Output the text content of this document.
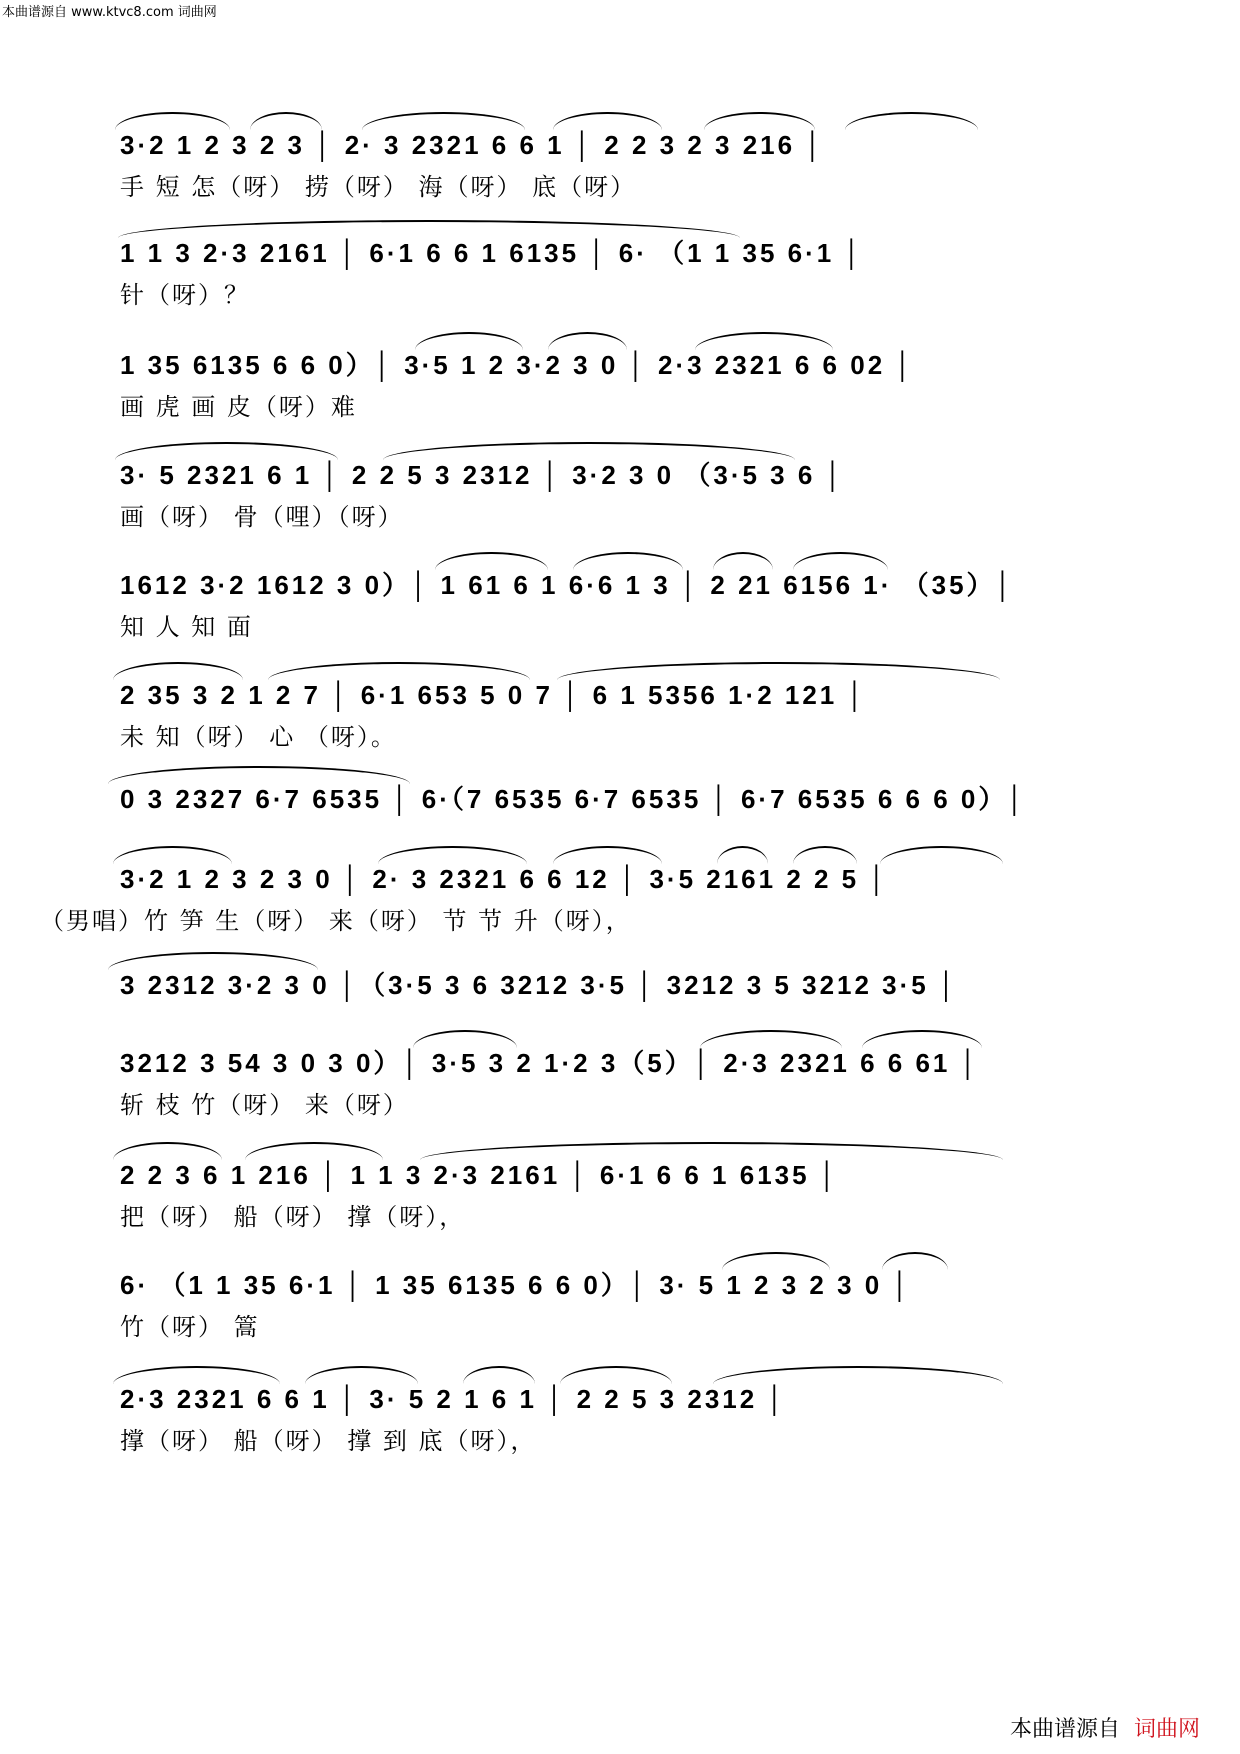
本曲谱源自 www.ktvc8.com 词曲网
3·2 1 2 3 2 3 │ 2· 3 2321 6 6 1 │ 2 2 3 2 3 216 │
手 短 怎（呀） 捞（呀） 海（呀） 底（呀）
1 1 3 2·3 2161 │ 6·1 6 6 1 6135 │ 6· （1 1 35 6·1 │
针（呀）？
1 35 6135 6 6 0）│ 3·5 1 2 3·2 3 0 │ 2·3 2321 6 6 02 │
画 虎 画 皮（呀）难
3· 5 2321 6 1 │ 2 2 5 3 2312 │ 3·2 3 0 （3·5 3 6 │
画（呀） 骨（哩）（呀）
1612 3·2 1612 3 0）│ 1 61 6 1 6·6 1 3 │ 2 21 6156 1· （35）│
知 人 知 面
2 35 3 2 1 2 7 │ 6·1 653 5 0 7 │ 6 1 5356 1·2 121 │
未 知（呀） 心 （呀）。
0 3 2327 6·7 6535 │ 6·（7 6535 6·7 6535 │ 6·7 6535 6 6 6 0）│
3·2 1 2 3 2 3 0 │ 2· 3 2321 6 6 12 │ 3·5 2161 2 2 5 │
（男唱）竹 笋 生（呀） 来（呀） 节 节 升（呀），
3 2312 3·2 3 0 │（3·5 3 6 3212 3·5 │ 3212 3 5 3212 3·5 │
3212 3 54 3 0 3 0）│ 3·5 3 2 1·2 3（5）│ 2·3 2321 6 6 61 │
斩 枝 竹（呀） 来（呀）
2 2 3 6 1 216 │ 1 1 3 2·3 2161 │ 6·1 6 6 1 6135 │
把（呀） 船（呀） 撑（呀），
6· （1 1 35 6·1 │ 1 35 6135 6 6 0）│ 3· 5 1 2 3 2 3 0 │
竹（呀） 篙
2·3 2321 6 6 1 │ 3· 5 2 1 6 1 │ 2 2 5 3 2312 │
撑（呀） 船（呀） 撑 到 底（呀），
本曲谱源自 词曲网
